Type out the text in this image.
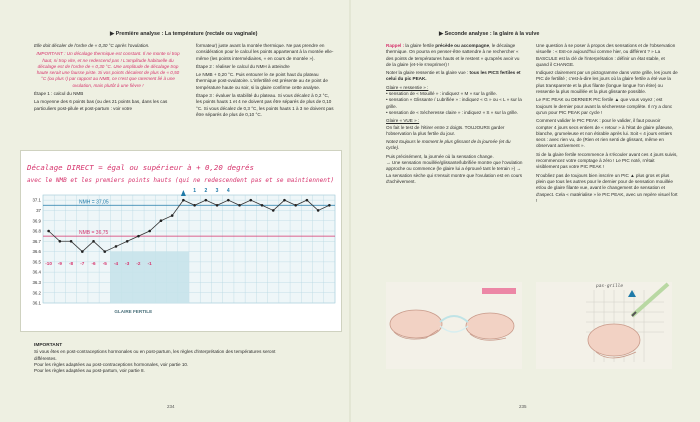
▶ Première analyse : La température (rectale ou vaginale)

Elle doit décaler de l'ordre de « 0,30 °C après l'ovulation.

IMPORTANT : Un décalage thermique est constant. Il ne monte ni trop haut, ni trop vite, et ne redescend pas ! L'amplitude habituelle du décalage est de l'ordre de « 0,30 °C. Une amplitude de décalage trop haute serait une fausse piste. Si vos points décalent de plus de « 0,50 °C (ou plus !) par rapport au NMB, ce n'est que rarement lié à une ovulation, mais plutôt à une fièvre !

Étape 1 : calcul du NMB

La moyenne des 6 points bas (ou des 21 points bas, dans les cas particuliers post-pilule et post-partum : voir votre

formateur) juste avant la montée thermique. Ne pas prendre en considération pour le calcul les points appartenant à la montée elle-même (les points intermédiaires, « en cours de montée »).

Étape 2 : réaliser le calcul du NMH à atteindre

Le NMB + 0,20 °C. Puis entourer le 4e point haut du plateau thermique post-ovulatoire. L'infertilité est présente au 4e point de température haute ou soir, si la glaire confirme cette analyse.

Étape 3 : évaluer la stabilité du plateau. Si vous décalez à 0,2 °C, les points hauts 1 et 4 ne doivent pas être séparés de plus de 0,10 °C. Si vous décalez de 0,3 °C, les points hauts 1 à 3 ne doivent pas être séparés de plus de 0,10 °C.

Décalage DIRECT = égal ou supérieur à + 0,20 degrés
avec le NMB et les premiers points hauts (qui ne redescendent pas et se maintiennent)
37.1
37
36.9
36.8
36.7
36.6
36.5
36.4
36.3
36.2
36.1
-10 -9 -8 -7 -6 -5 -4 -3 -2 -1
1 2 3 4
NMH = 37,05
NMB = 36,75
GLAIRE FERTILE
IMPORTANT
Si vous êtes en post-contraceptions hormonales ou en post-partum, les règles d'interprétation des températures seront
différentes.
Pour les règles adaptées au post-contraceptions hormonales, voir partie 10.
Pour les règles adaptées au post-partum, voir partie 8.
234
▶ Seconde analyse : la glaire à la vulve

Rappel : la glaire fertile précède ou accompagne, le décalage thermique. On pourra en penser-être sattendre à ne rechercher « des points de températures hauts et le restent » qu'après avoir vu de la glaire (et-t-le s'exprimer) !

Noter la glaire ressentie et la glaire vue : tous les PICS fertiles et celui du pic PEAK.

Glaire « ressentie » :

• sensation de « Mouillé » : indiquez « M » sur la grille.

• sensation « Glissante / Lubrifiée » : indiquez « G » ou « L » sur la grille.

• sensation de « Sécheresse claire » : indiquez « S » sur la grille.

Glaire « VUE » :

On fait le test de l'étirer entre 2 doigts. TOUJOURS garder l'observation la plus fertile du jour.

Notez toujours le moment le plus glissant de la journée (et du cycle).

Puis précisément, la journée où la sensation change.

→ Une sensation mouillée/glissante/lubrifiée montre que l'ovulation approche ou commence (le glaire lui a éprouvé tant le terrain ») → La sensation sèche qui s'ensuit montre que l'ovulation est en cours d'achèvement.

Une question à se poser à propos des sensations et de l'observation visuelle : « Est-ce aujourd'hui comme hier, ou différent ? » La BASCULE est la clé de l'interprétation : définir un état stable, et quand il CHANGE.

Indiquez clairement par un pictogramme dans votre grille, les jours de PIC de fertilité ; c'est-à-dire les jours où la glaire fertile a été vue la plus transparente et la plus filante (longue longue l'on étire) ou ressentie la plus mouillée et la plus glissante possible.

Le PIC PEAK ou DERNIER PIC fertile ▲ que vous voyez ; est toujours le dernier pour avant la sécheresse complète. Il n'y a donc qu'un pour PIC PEAK par cycle !

Comment valider le PIC PEAK : pour le valider, il faut pouvoir compter 4 jours secs entiers de « retour » à l'état de glaire pâteuse, blanche, grumeleuse et non étirable après lui. Soit « 4 jours entiers secs : avec rien vu, de (Rien et rien senti de glissant, même en observant activement ».

Si de la glaire fertile recommence à s'écouler avant ces 4 jours suivis, recommencez votre comptage à zéro ! Le PIC noté, n'était visiblement pas votre PIC PEAK !

N'oubliez pas de toujours bien inscrire un PIC ▲ plus gros et plus plein que tous les autres pour le dernier pour de sensation mouillée et/ou de glaire filante vue, avant le changement de sensation et d'aspect. Cela « matérialise » le PIC PEAK, avec un repère visuel fort !

pas-grille
235
